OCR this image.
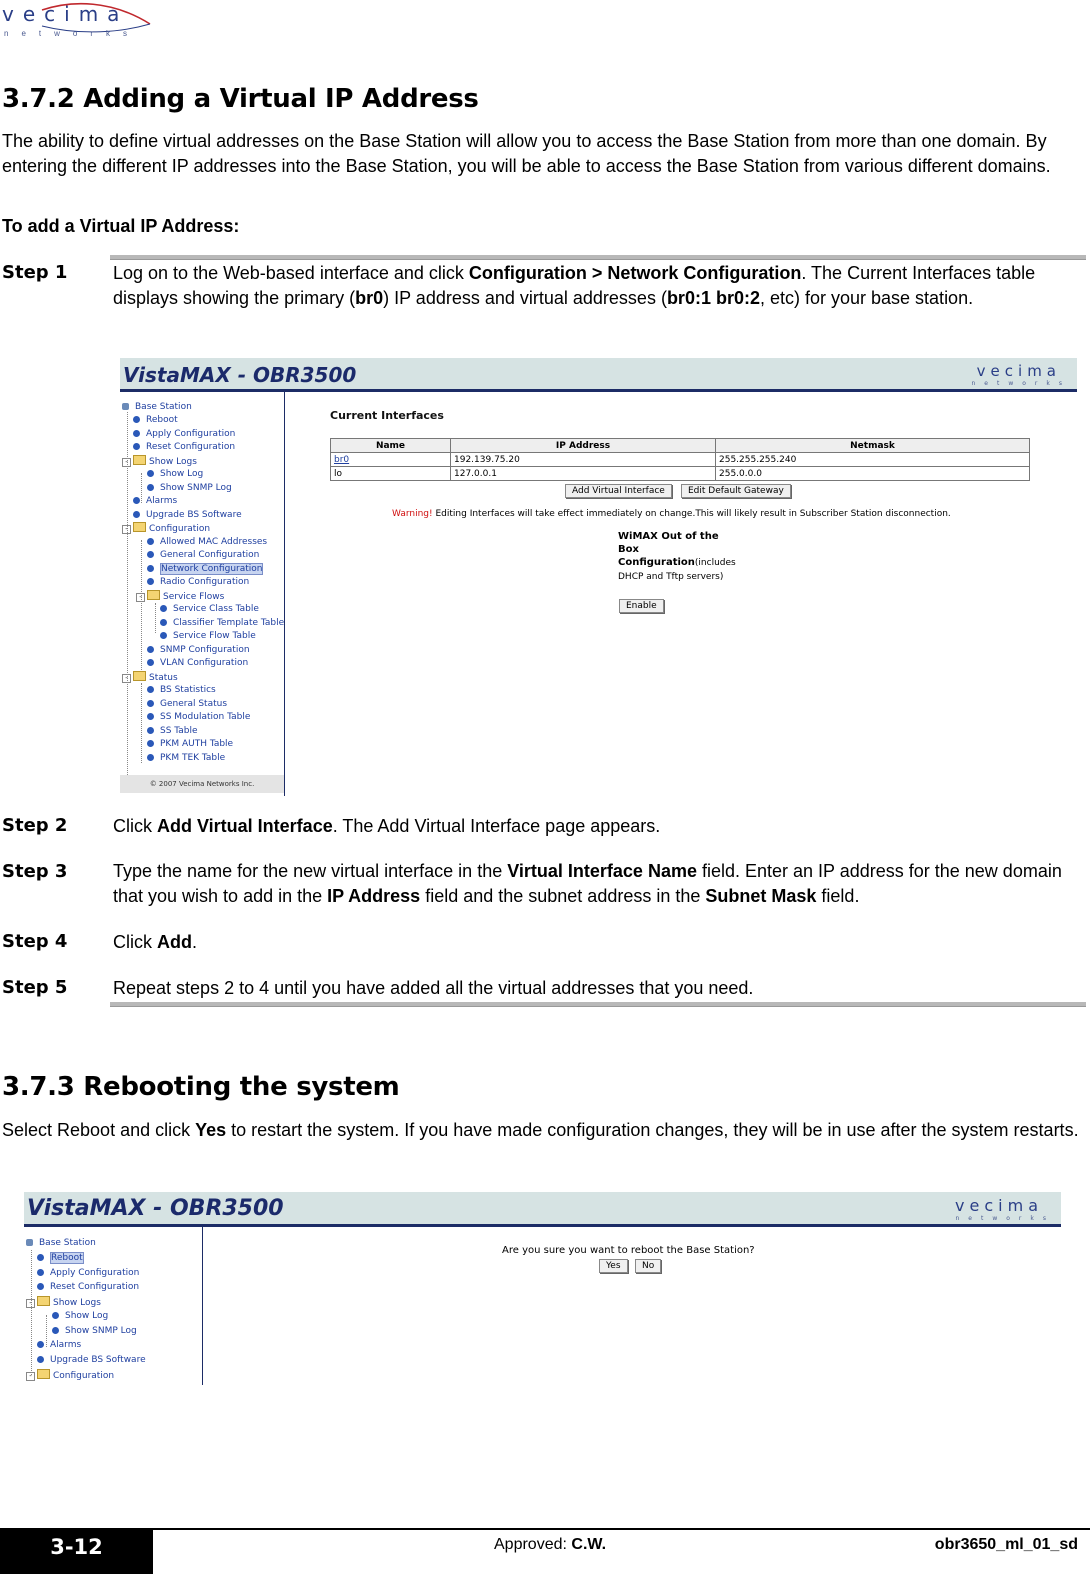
vecima
networks
3.7.2 Adding a Virtual IP Address

The ability to define virtual addresses on the Base Station will allow you to access the Base Station from more than one domain. By entering the different IP addresses into the Base Station, you will be able to access the Base Station from various different domains.

To add a Virtual IP Address:

Step 1	Log on to the Web-based interface and click Configuration > Network Configuration. The Current Interfaces table displays showing the primary (br0) IP address and virtual addresses (br0:1 br0:2, etc) for your base station.

VistaMAX - OBR3500	vecima
networks
Base Station
Reboot
Apply Configuration
Reset Configuration
- Show Logs
Show Log
Show SNMP Log
Alarms
Upgrade BS Software
- Configuration
Allowed MAC Addresses
General Configuration
Network Configuration
Radio Configuration
- Service Flows
Service Class Table
Classifier Template Table
Service Flow Table
SNMP Configuration
VLAN Configuration
- Status
BS Statistics
General Status
SS Modulation Table
SS Table
PKM AUTH Table
PKM TEK Table
© 2007 Vecima Networks Inc.
Current Interfaces
Name	IP Address	Netmask
br0	192.139.75.20	255.255.255.240
lo	127.0.0.1	255.0.0.0
Add Virtual Interface	Edit Default Gateway
Warning! Editing Interfaces will take effect immediately on change.This will likely result in Subscriber Station disconnection.
WiMAX Out of the
Box
Configuration(includes
DHCP and Tftp servers)
Enable
Step 2	Click Add Virtual Interface. The Add Virtual Interface page appears.

Step 3	Type the name for the new virtual interface in the Virtual Interface Name field. Enter an IP address for the new domain that you wish to add in the IP Address field and the subnet address in the Subnet Mask field.

Step 4	Click Add.

Step 5	Repeat steps 2 to 4 until you have added all the virtual addresses that you need.

3.7.3 Rebooting the system

Select Reboot and click Yes to restart the system. If you have made configuration changes, they will be in use after the system restarts.

VistaMAX - OBR3500	vecima
networks
Base Station
Reboot
Apply Configuration
Reset Configuration
- Show Logs
Show Log
Show SNMP Log
Alarms
Upgrade BS Software
- Configuration
Are you sure you want to reboot the Base Station?
Yes	No
3-12	Approved: C.W.	obr3650_ml_01_sd
